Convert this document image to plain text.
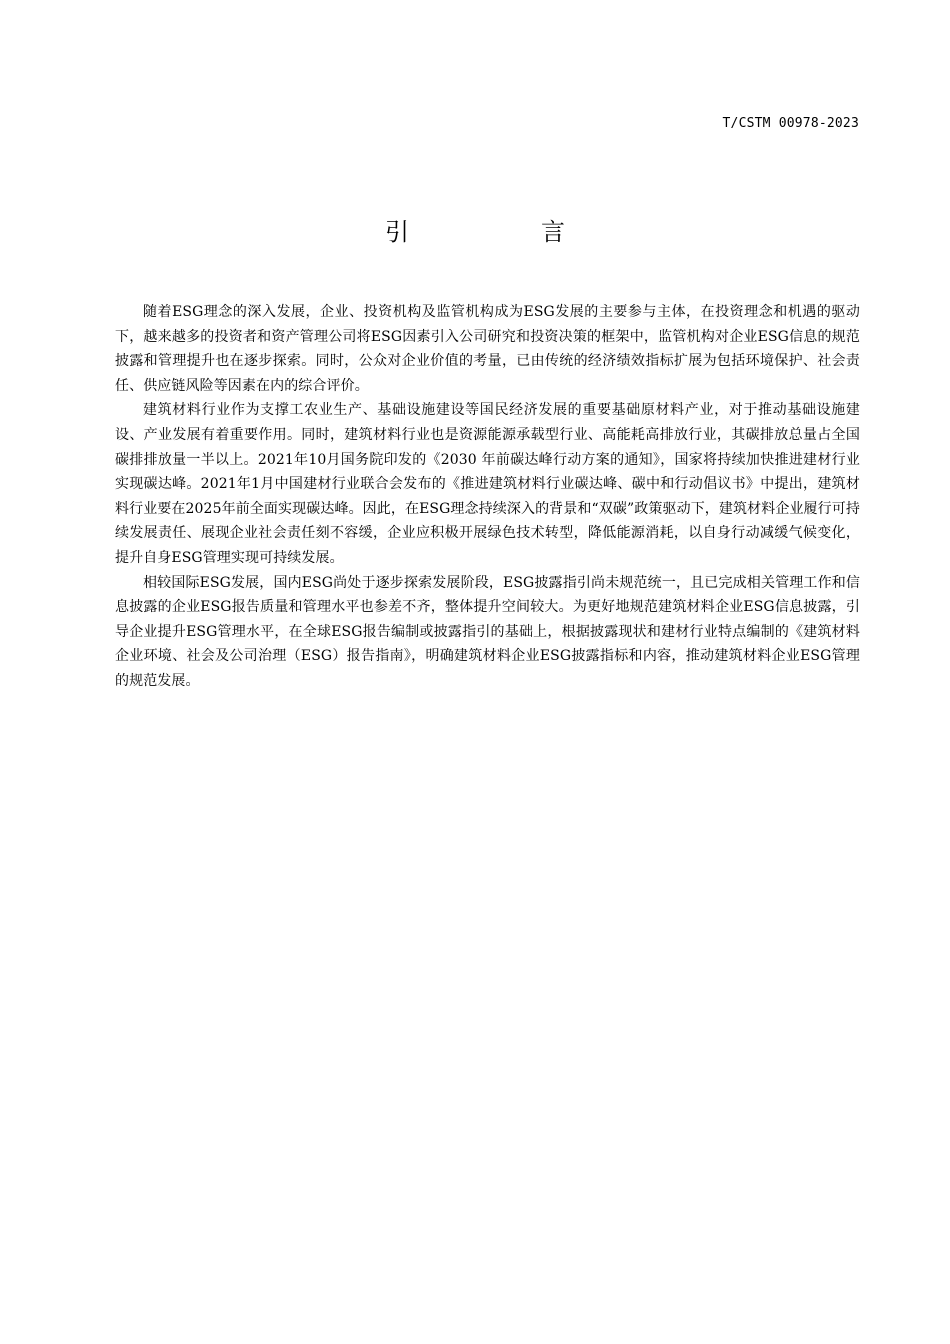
T/CSTM 00978-2023
引　言

随着ESG理念的深入发展，企业、投资机构及监管机构成为ESG发展的主要参与主体，在投资理念和机遇的驱动下，越来越多的投资者和资产管理公司将ESG因素引入公司研究和投资决策的框架中，监管机构对企业ESG信息的规范披露和管理提升也在逐步探索。同时，公众对企业价值的考量，已由传统的经济绩效指标扩展为包括环境保护、社会责任、供应链风险等因素在内的综合评价。

建筑材料行业作为支撑工农业生产、基础设施建设等国民经济发展的重要基础原材料产业，对于推动基础设施建设、产业发展有着重要作用。同时，建筑材料行业也是资源能源承载型行业、高能耗高排放行业，其碳排放总量占全国碳排排放量一半以上。2021年10月国务院印发的《2030 年前碳达峰行动方案的通知》，国家将持续加快推进建材行业实现碳达峰。2021年1月中国建材行业联合会发布的《推进建筑材料行业碳达峰、碳中和行动倡议书》中提出，建筑材料行业要在2025年前全面实现碳达峰。因此，在ESG理念持续深入的背景和“双碳”政策驱动下，建筑材料企业履行可持续发展责任、展现企业社会责任刻不容缓，企业应积极开展绿色技术转型，降低能源消耗，以自身行动减缓气候变化，提升自身ESG管理实现可持续发展。

相较国际ESG发展，国内ESG尚处于逐步探索发展阶段，ESG披露指引尚未规范统一，且已完成相关管理工作和信息披露的企业ESG报告质量和管理水平也参差不齐，整体提升空间较大。为更好地规范建筑材料企业ESG信息披露，引导企业提升ESG管理水平，在全球ESG报告编制或披露指引的基础上，根据披露现状和建材行业特点编制的《建筑材料企业环境、社会及公司治理（ESG）报告指南》，明确建筑材料企业ESG披露指标和内容，推动建筑材料企业ESG管理的规范发展。
